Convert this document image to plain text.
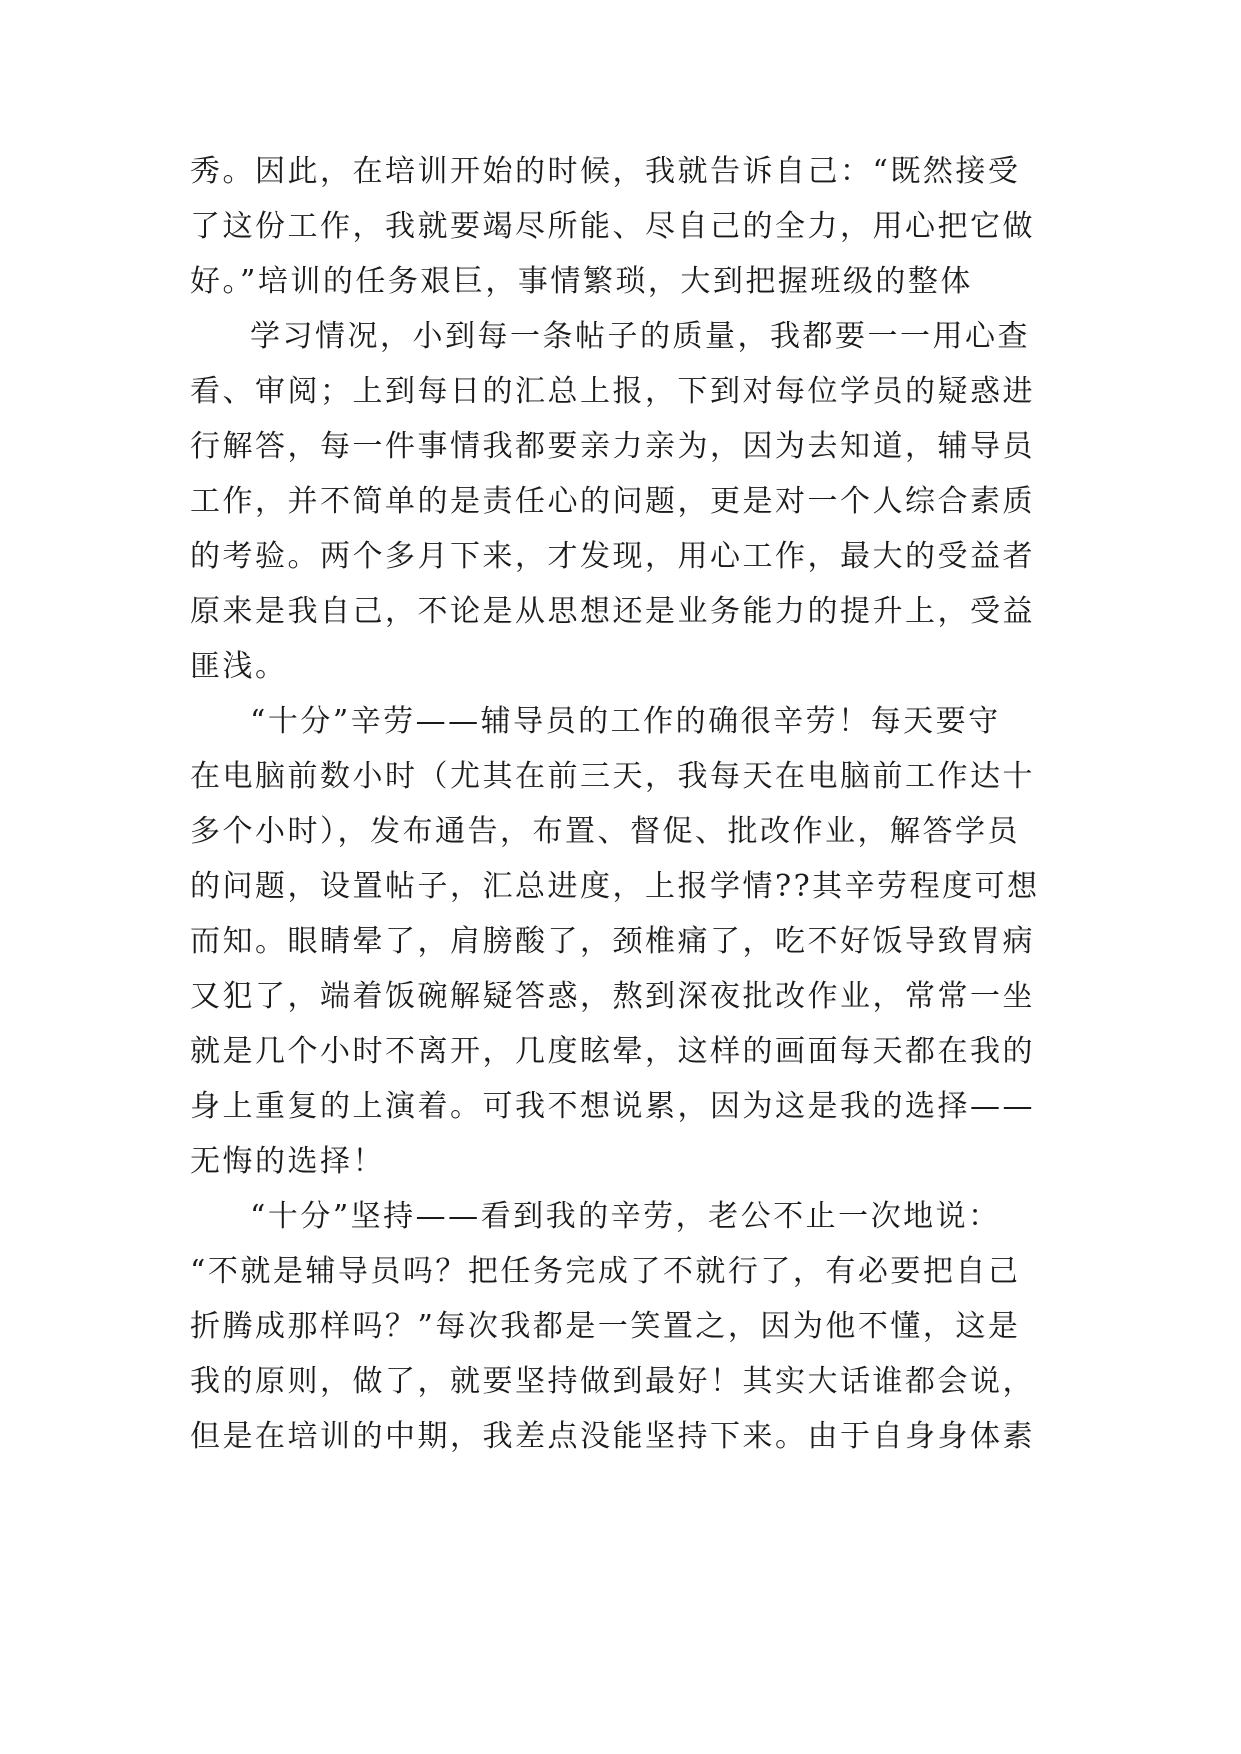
秀。因此，在培训开始的时候，我就告诉自己：“既然接受
了这份工作，我就要竭尽所能、尽自己的全力，用心把它做
好。”培训的任务艰巨，事情繁琐，大到把握班级的整体
学习情况，小到每一条帖子的质量，我都要一一用心查
看、审阅；上到每日的汇总上报，下到对每位学员的疑惑进
行解答，每一件事情我都要亲力亲为，因为去知道，辅导员
工作，并不简单的是责任心的问题，更是对一个人综合素质
的考验。两个多月下来，才发现，用心工作，最大的受益者
原来是我自己，不论是从思想还是业务能力的提升上，受益
匪浅。
“十分”辛劳——辅导员的工作的确很辛劳！每天要守
在电脑前数小时（尤其在前三天，我每天在电脑前工作达十
多个小时），发布通告，布置、督促、批改作业，解答学员
的问题，设置帖子，汇总进度，上报学情??其辛劳程度可想
而知。眼睛晕了，肩膀酸了，颈椎痛了，吃不好饭导致胃病
又犯了，端着饭碗解疑答惑，熬到深夜批改作业，常常一坐
就是几个小时不离开，几度眩晕，这样的画面每天都在我的
身上重复的上演着。可我不想说累，因为这是我的选择——
无悔的选择！
“十分”坚持——看到我的辛劳，老公不止一次地说：
“不就是辅导员吗？把任务完成了不就行了，有必要把自己
折腾成那样吗？”每次我都是一笑置之，因为他不懂，这是
我的原则，做了，就要坚持做到最好！其实大话谁都会说，
但是在培训的中期，我差点没能坚持下来。由于自身身体素
